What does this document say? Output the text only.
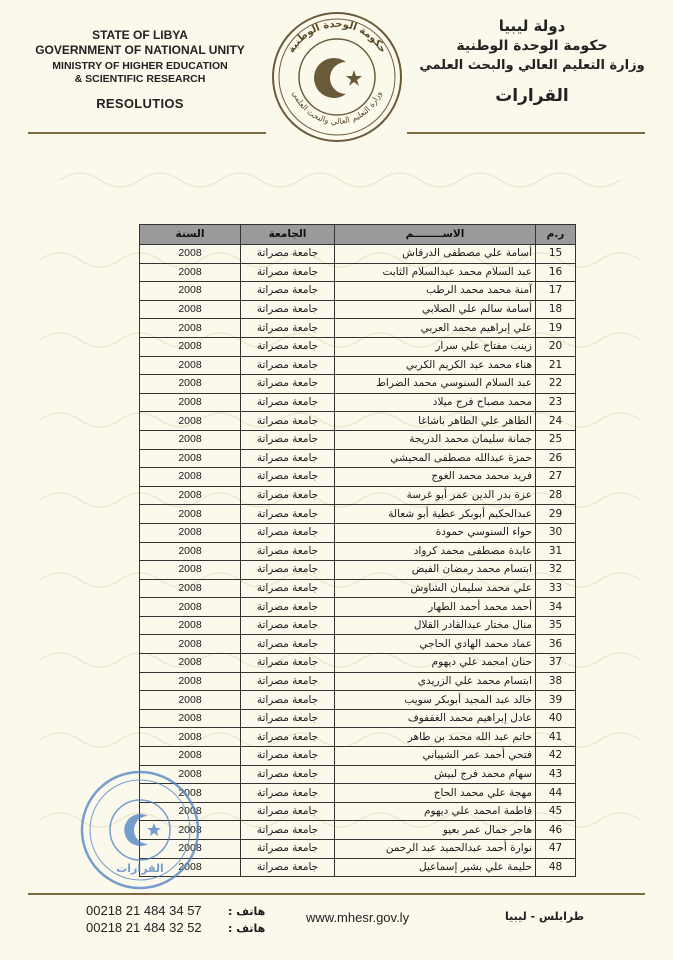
STATE OF LIBYA
GOVERNMENT OF NATIONAL UNITY
MINISTRY OF HIGHER EDUCATION
& SCIENTIFIC RESEARCH
RESOLUTIOS
حكومة الوحدة الوطنية
وزارة التعليم العالي والبحث العلمي
دولة ليبيا
حكومة الوحدة الوطنية
وزارة التعليم العالي والبحث العلمي
القرارات
ر.م	الاســــــــم	الجامعة	السنة
15	أسامة علي مصطفى الدرقاش	جامعة مصراتة	2008
16	عبد السلام محمد عبدالسلام الثابت	جامعة مصراتة	2008
17	آمنة محمد محمد الرطب	جامعة مصراتة	2008
18	أسامة سالم علي الصلابي	جامعة مصراتة	2008
19	علي إبراهيم محمد العربي	جامعة مصراتة	2008
20	زينب مفتاح علي سرار	جامعة مصراتة	2008
21	هناء محمد عبد الكريم الكربي	جامعة مصراتة	2008
22	عبد السلام السنوسي محمد الضراط	جامعة مصراتة	2008
23	محمد مصباح فرج ميلاد	جامعة مصراتة	2008
24	الطاهر علي الطاهر باشاغا	جامعة مصراتة	2008
25	جمانة سليمان محمد الدريجة	جامعة مصراتة	2008
26	حمزة عبدالله مصطفى المحيشي	جامعة مصراتة	2008
27	فريد محمد محمد الغوج	جامعة مصراتة	2008
28	عزة بدر الدين عمر أبو غرسة	جامعة مصراتة	2008
29	عبدالحكيم أبوبكر عطية أبو شعالة	جامعة مصراتة	2008
30	حواء السنوسي حمودة	جامعة مصراتة	2008
31	عابدة مصطفى محمد كرواد	جامعة مصراتة	2008
32	ابتسام محمد رمضان الفيض	جامعة مصراتة	2008
33	علي محمد سليمان الشاوش	جامعة مصراتة	2008
34	أحمد محمد أحمد الطهار	جامعة مصراتة	2008
35	منال مختار عبدالقادر القلال	جامعة مصراتة	2008
36	عماد محمد الهادي الحاجي	جامعة مصراتة	2008
37	حنان امحمد علي ديهوم	جامعة مصراتة	2008
38	ابتسام محمد علي الزريدي	جامعة مصراتة	2008
39	خالد عبد المجيد أبوبكر سويب	جامعة مصراتة	2008
40	عادل إبراهيم محمد الغففوف	جامعة مصراتة	2008
41	حاتم عبد الله محمد بن طاهر	جامعة مصراتة	2008
42	فتحي أحمد عمر الشيباني	جامعة مصراتة	2008
43	سهام محمد فرج لبيش	جامعة مصراتة	2008
44	مهجة علي محمد الحاج	جامعة مصراتة	2008
45	فاطمة امحمد علي ديهوم	جامعة مصراتة	2008
46	هاجر جمال عمر بعيو	جامعة مصراتة	2008
47	نوارة أحمد عبدالحميد عبد الرحمن	جامعة مصراتة	2008
48	حليمة علي بشير إسماعيل	جامعة مصراتة	2008
القرارات
00218 21 484 34 57
00218 21 484 32 52
هاتف :
هاتف :
www.mhesr.gov.ly	طرابلس - ليبيا
